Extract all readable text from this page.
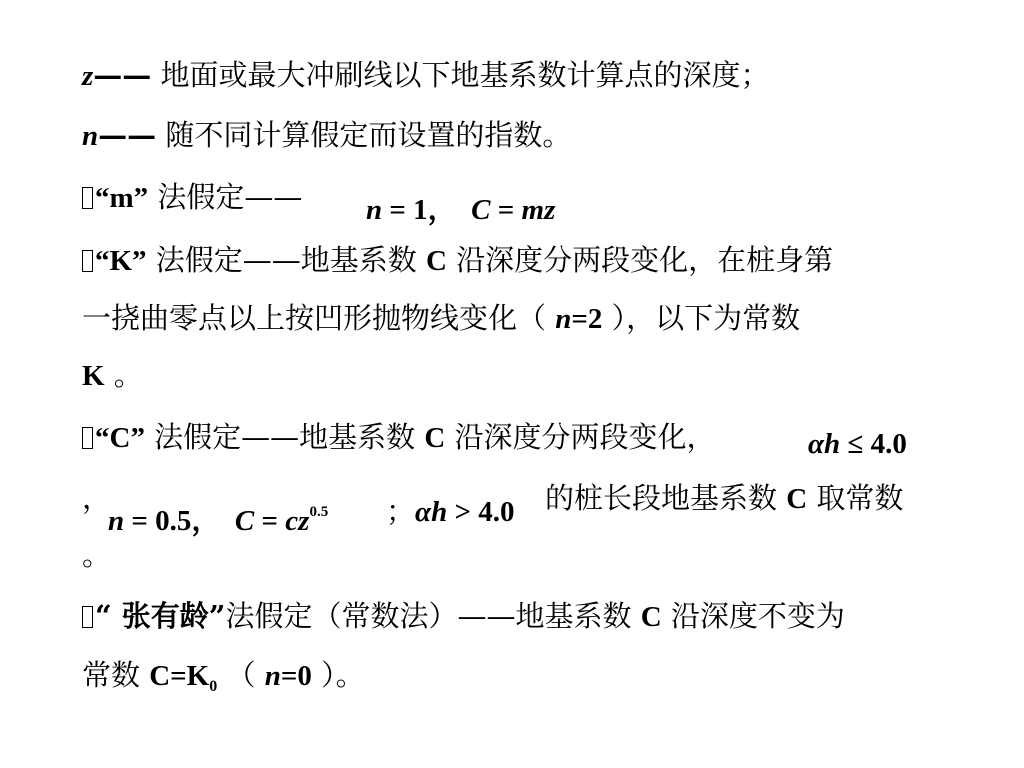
z—— 地面或最大冲刷线以下地基系数计算点的深度；
n—— 随不同计算假定而设置的指数。
“m” 法假定—— n = 1， C = mz
“K” 法假定——地基系数 C 沿深度分两段变化，在桩身第
一挠曲零点以上按凹形抛物线变化（ n=2 ），以下为常数
K 。
“C” 法假定——地基系数 C 沿深度分两段变化，	αh ≤ 4.0
，
n = 0.5， $C = cz^{0.5}$ ；αh > 4.0 的桩长段地基系数 C 取常数
。
“ 张有龄”法假定（常数法）——地基系数 C 沿深度不变为
常数 $C=K_0$ （ n=0 ）。
